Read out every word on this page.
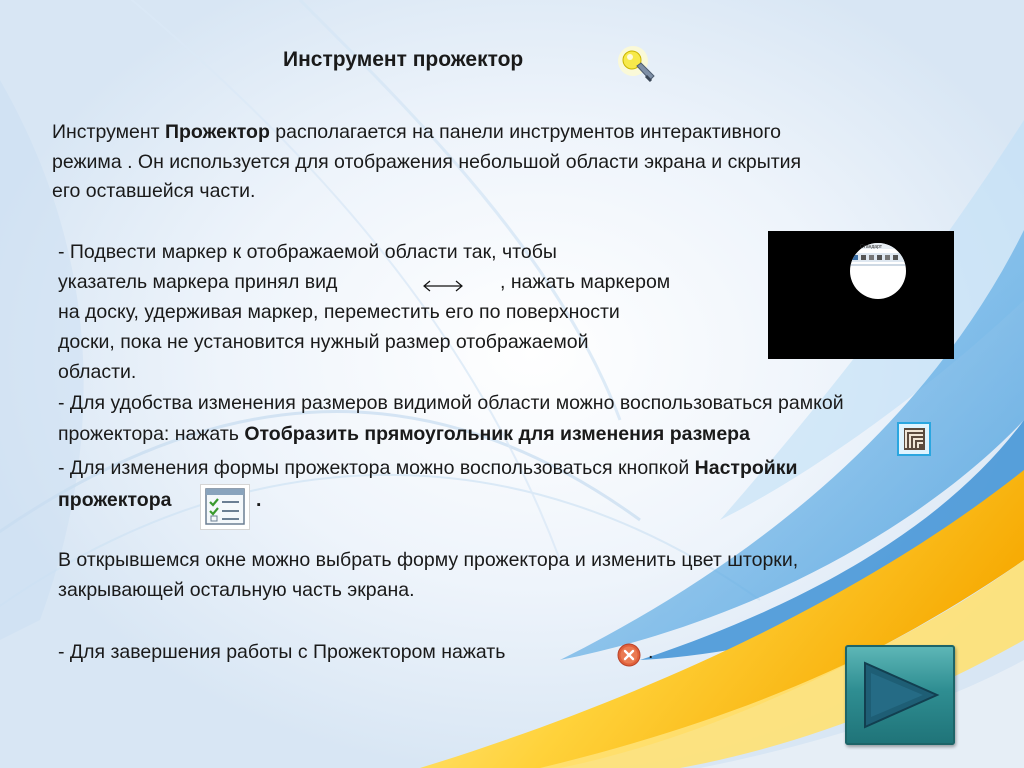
Инструмент прожектор
Инструмент Прожектор располагается на панели инструментов интерактивного
режима . Он используется для отображения небольшой области экрана и скрытия
его оставшейся части.
- Подвести маркер к отображаемой области так, чтобы
указатель маркера принял вид	, нажать маркером
на доску, удерживая маркер, переместить его по поверхности
доски, пока не установится нужный размер отображаемой
области.
- Для удобства изменения размеров видимой области можно воспользоваться рамкой
прожектора: нажать Отобразить прямоугольник для изменения размера
- Для изменения формы прожектора можно воспользоваться кнопкой Настройки
прожектора	.
В открывшемся окне можно выбрать форму прожектора и изменить цвет шторки,
закрывающей остальную часть экрана.
- Для завершения работы с Прожектором нажать	.
Стандарт
